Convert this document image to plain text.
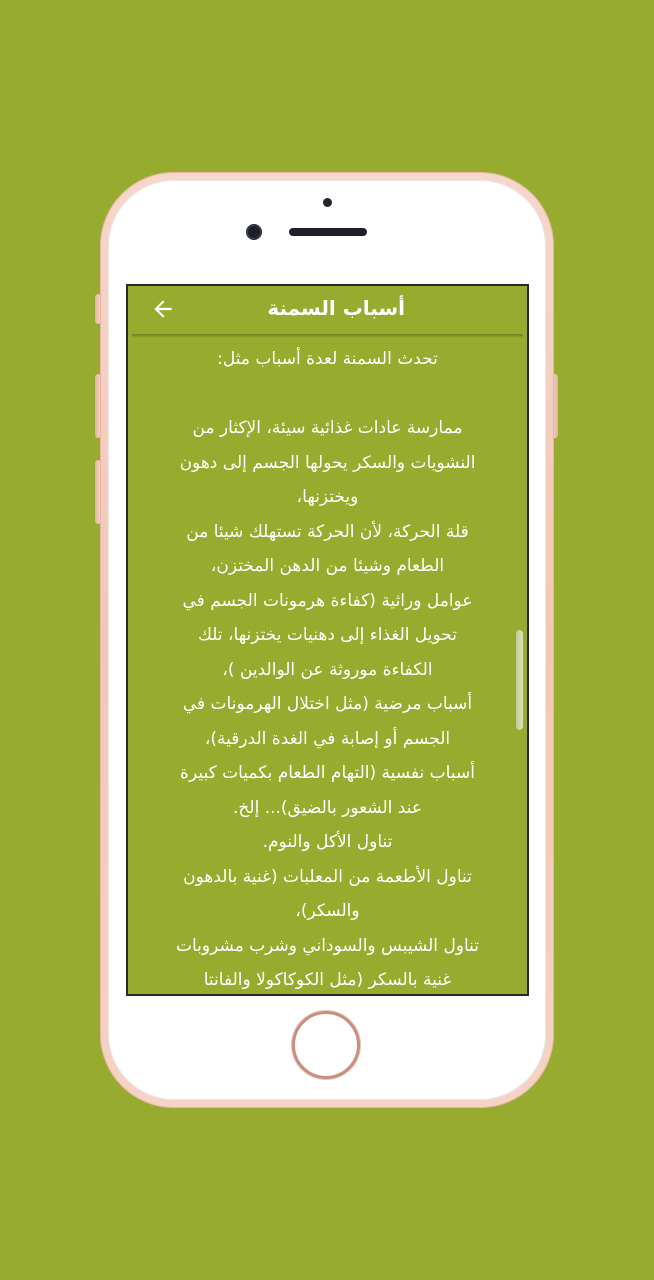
أسباب السمنة

تحدث السمنة لعدة أسباب مثل:

ممارسة عادات غذائية سيئة، الإكثار من

النشويات والسكر يحولها الجسم إلى دهون

ويختزنها،

قلة الحركة، لأن الحركة تستهلك شيئا من

الطعام وشيئا من الدهن المختزن،

عوامل وراثية (كفاءة هرمونات الجسم في

تحويل الغذاء إلى دهنيات يختزنها، تلك

الكفاءة موروثة عن الوالدين )،

أسباب مرضية (مثل اختلال الهرمونات في

الجسم أو إصابة في الغدة الدرقية)،

أسباب نفسية (التهام الطعام بكميات كبيرة

عند الشعور بالضيق)... إلخ.

تناول الأكل والنوم.

تناول الأطعمة من المعلبات (غنية بالدهون

والسكر)،

تناول الشيبس والسوداني وشرب مشروبات

غنية بالسكر (مثل الكوكاكولا والفانتا
